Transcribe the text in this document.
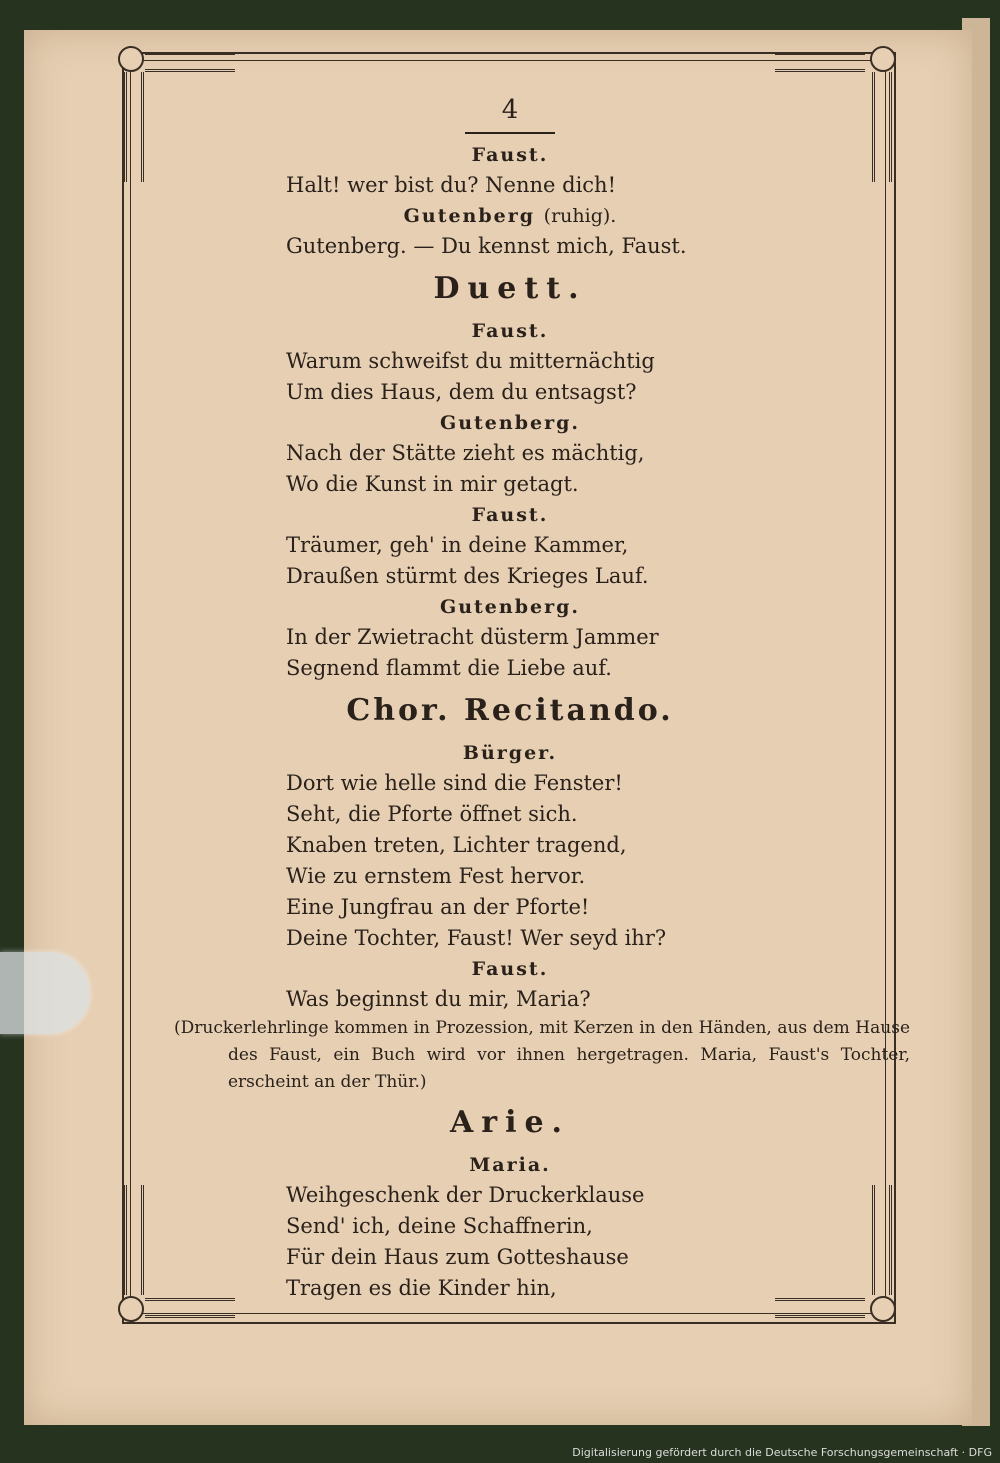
4
Faust.
Halt! wer bist du? Nenne dich!
Gutenberg (ruhig).
Gutenberg. — Du kennst mich, Faust.
Duett.
Faust.
Warum schweifst du mitternächtig
Um dies Haus, dem du entsagst?
Gutenberg.
Nach der Stätte zieht es mächtig,
Wo die Kunst in mir getagt.
Faust.
Träumer, geh' in deine Kammer,
Draußen stürmt des Krieges Lauf.
Gutenberg.
In der Zwietracht düsterm Jammer
Segnend flammt die Liebe auf.
Chor. Recitando.
Bürger.
Dort wie helle sind die Fenster!
Seht, die Pforte öffnet sich.
Knaben treten, Lichter tragend,
Wie zu ernstem Fest hervor.
Eine Jungfrau an der Pforte!
Deine Tochter, Faust! Wer seyd ihr?
Faust.
Was beginnst du mir, Maria?
(Druckerlehrlinge kommen in Prozession, mit Kerzen in den Händen, aus dem Hause des Faust, ein Buch wird vor ihnen hergetragen. Maria, Faust's Tochter, erscheint an der Thür.)
Arie.
Maria.
Weihgeschenk der Druckerklause
Send' ich, deine Schaffnerin,
Für dein Haus zum Gotteshause
Tragen es die Kinder hin,
Digitalisierung gefördert durch die Deutsche Forschungsgemeinschaft · DFG
